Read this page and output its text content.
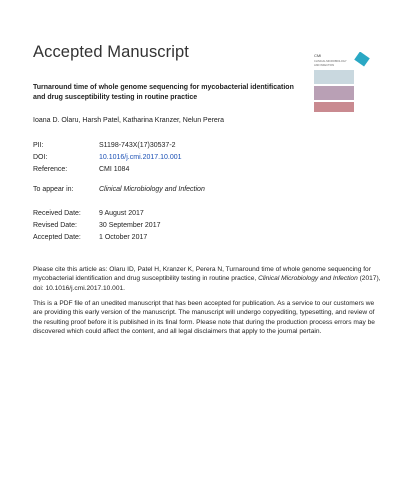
Accepted Manuscript	CMI
CLINICAL MICROBIOLOGY
AND INFECTION
Turnaround time of whole genome sequencing for mycobacterial identification and drug susceptibility testing in routine practice
Ioana D. Olaru, Harsh Patel, Katharina Kranzer, Nelun Perera
PII:	S1198-743X(17)30537-2
DOI:	10.1016/j.cmi.2017.10.001
Reference:	CMI 1084
To appear in:	Clinical Microbiology and Infection
Received Date:	9 August 2017
Revised Date:	30 September 2017
Accepted Date:	1 October 2017
Please cite this article as: Olaru ID, Patel H, Kranzer K, Perera N, Turnaround time of whole genome sequencing for mycobacterial identification and drug susceptibility testing in routine practice, Clinical Microbiology and Infection (2017), doi: 10.1016/j.cmi.2017.10.001.
This is a PDF file of an unedited manuscript that has been accepted for publication. As a service to our customers we are providing this early version of the manuscript. The manuscript will undergo copyediting, typesetting, and review of the resulting proof before it is published in its final form. Please note that during the production process errors may be discovered which could affect the content, and all legal disclaimers that apply to the journal pertain.
